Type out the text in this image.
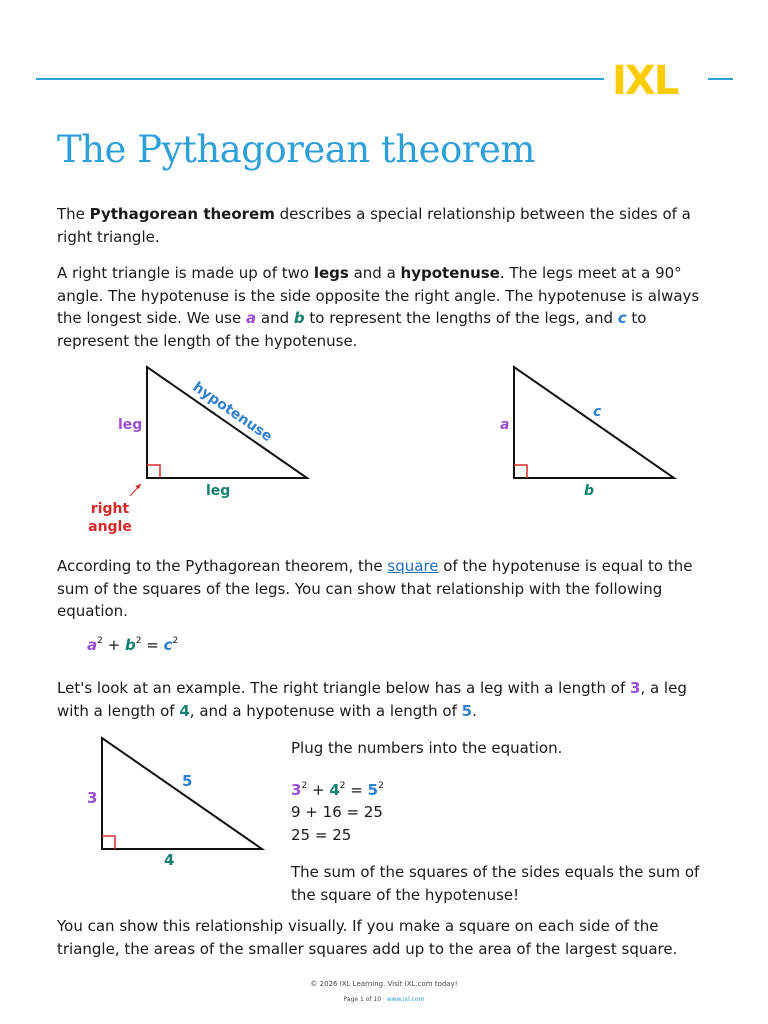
IXL
The Pythagorean theorem

The Pythagorean theorem describes a special relationship between the sides of a right triangle.

A right triangle is made up of two legs and a hypotenuse. The legs meet at a 90° angle. The hypotenuse is the side opposite the right angle. The hypotenuse is always the longest side. We use a and b to represent the lengths of the legs, and c to represent the length of the hypotenuse.

leg
leg
hypotenuse
right
angle
a
b
c

According to the Pythagorean theorem, the square of the hypotenuse is equal to the sum of the squares of the legs. You can show that relationship with the following equation.

$a^2 + b^2 = c^2$

Let's look at an example. The right triangle below has a leg with a length of 3, a leg with a length of 4, and a hypotenuse with a length of 5.

3
4
5

Plug the numbers into the equation.

$3^2 + 4^2 = 5^2$

9 + 16 = 25

25 = 25

The sum of the squares of the sides equals the sum of the square of the hypotenuse!

You can show this relationship visually. If you make a square on each side of the triangle, the areas of the smaller squares add up to the area of the largest square.

© 2026 IXL Learning. Visit IXL.com today!
Page 1 of 10 · www.ixl.com
